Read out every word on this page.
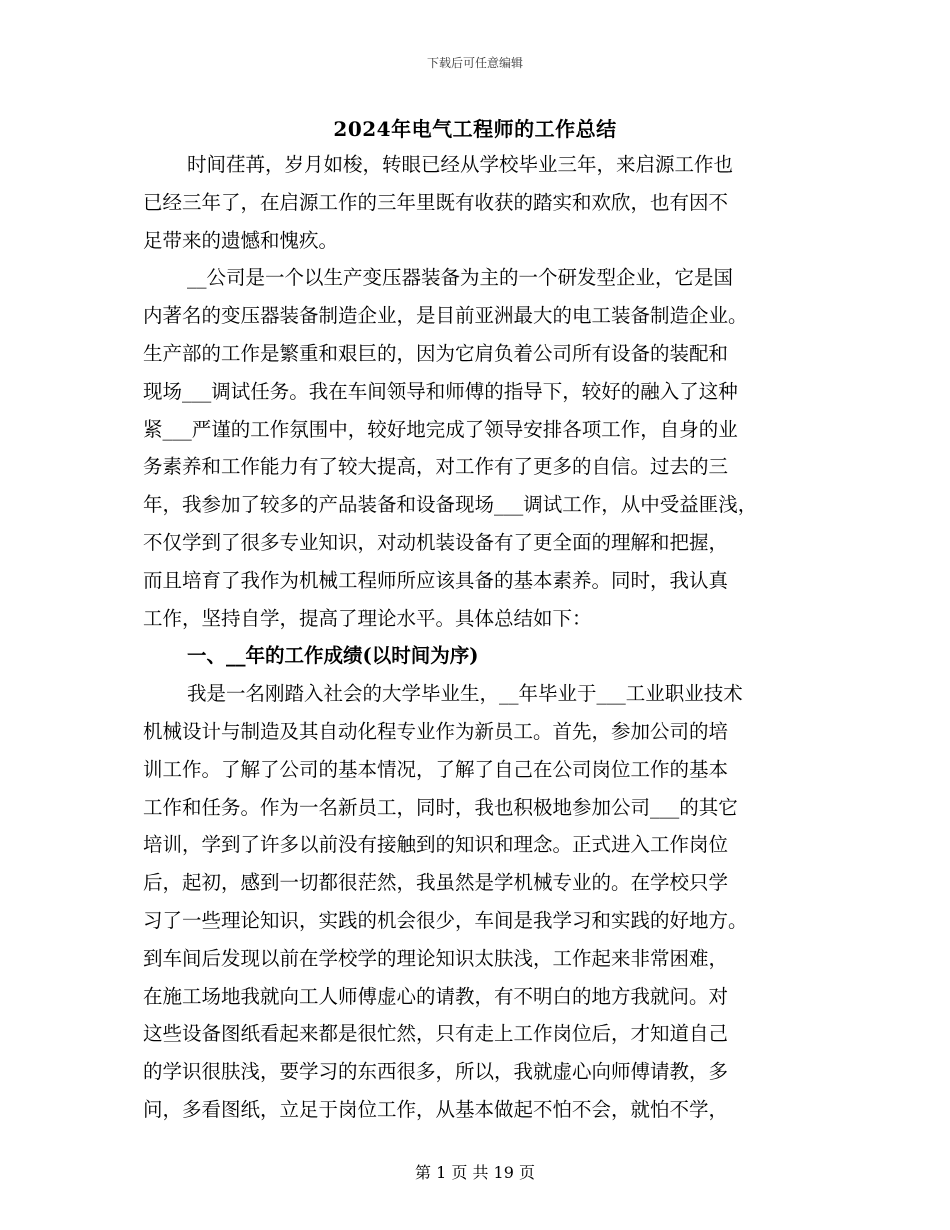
下载后可任意编辑
2024年电气工程师的工作总结
时间荏苒，岁月如梭，转眼已经从学校毕业三年，来启源工作也
已经三年了，在启源工作的三年里既有收获的踏实和欢欣，也有因不
足带来的遗憾和愧疚。
__公司是一个以生产变压器装备为主的一个研发型企业，它是国
内著名的变压器装备制造企业，是目前亚洲最大的电工装备制造企业。
生产部的工作是繁重和艰巨的，因为它肩负着公司所有设备的装配和
现场___调试任务。我在车间领导和师傅的指导下，较好的融入了这种
紧___严谨的工作氛围中，较好地完成了领导安排各项工作，自身的业
务素养和工作能力有了较大提高，对工作有了更多的自信。过去的三
年，我参加了较多的产品装备和设备现场___调试工作，从中受益匪浅，
不仅学到了很多专业知识，对动机装设备有了更全面的理解和把握，
而且培育了我作为机械工程师所应该具备的基本素养。同时，我认真
工作，坚持自学，提高了理论水平。具体总结如下：
一、__年的工作成绩(以时间为序)
我是一名刚踏入社会的大学毕业生，__年毕业于___工业职业技术
机械设计与制造及其自动化程专业作为新员工。首先，参加公司的培
训工作。了解了公司的基本情况，了解了自己在公司岗位工作的基本
工作和任务。作为一名新员工，同时，我也积极地参加公司___的其它
培训，学到了许多以前没有接触到的知识和理念。正式进入工作岗位
后，起初，感到一切都很茫然，我虽然是学机械专业的。在学校只学
习了一些理论知识，实践的机会很少，车间是我学习和实践的好地方。
到车间后发现以前在学校学的理论知识太肤浅，工作起来非常困难，
在施工场地我就向工人师傅虚心的请教，有不明白的地方我就问。对
这些设备图纸看起来都是很忙然，只有走上工作岗位后，才知道自己
的学识很肤浅，要学习的东西很多，所以，我就虚心向师傅请教，多
问，多看图纸，立足于岗位工作，从基本做起不怕不会，就怕不学，
第 1 页 共 19 页
